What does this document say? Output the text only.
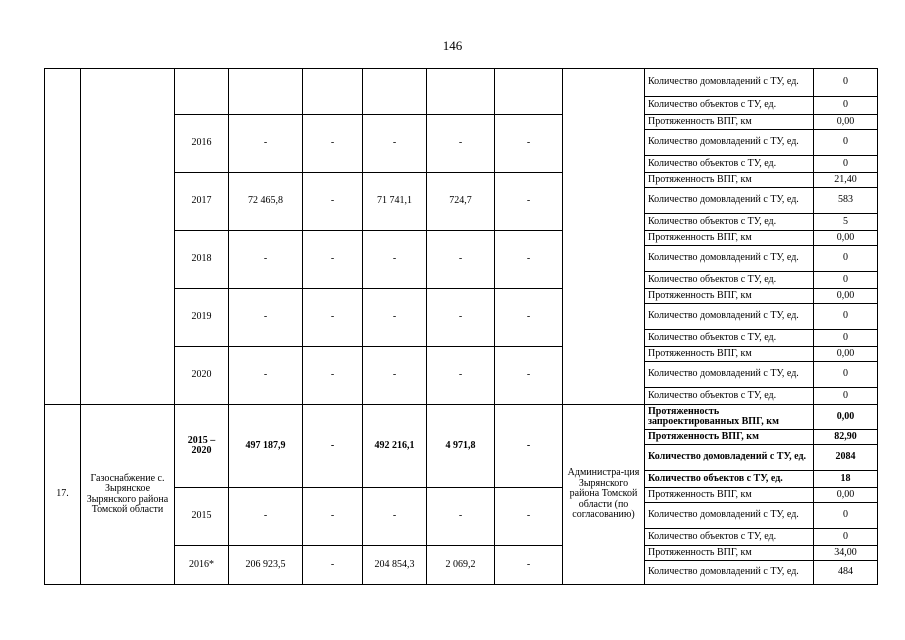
146
									Количество домовладений с ТУ, ед.	0
									Количество объектов с ТУ, ед.	0
		2016	-	-	-	-	-		Протяженность ВПГ, км	0,00
									Количество домовладений с ТУ, ед.	0
									Количество объектов с ТУ, ед.	0
		2017	72 465,8	-	71 741,1	724,7	-		Протяженность ВПГ, км	21,40
									Количество домовладений с ТУ, ед.	583
									Количество объектов с ТУ, ед.	5
		2018	-	-	-	-	-		Протяженность ВПГ, км	0,00
									Количество домовладений с ТУ, ед.	0
									Количество объектов с ТУ, ед.	0
		2019	-	-	-	-	-		Протяженность ВПГ, км	0,00
									Количество домовладений с ТУ, ед.	0
									Количество объектов с ТУ, ед.	0
		2020	-	-	-	-	-		Протяженность ВПГ, км	0,00
									Количество домовладений с ТУ, ед.	0
									Количество объектов с ТУ, ед.	0
17.	Газоснабжение с. Зырянское Зырянского района Томской области	2015 – 2020	497 187,9	-	492 216,1	4 971,8	-	Администра-ция Зырянского района Томской области (по согласованию)	Протяженность запроектированных ВПГ, км	0,00
									Протяженность ВПГ, км	82,90
									Количество домовладений с ТУ, ед.	2084
									Количество объектов с ТУ, ед.	18
		2015	-	-	-	-	-		Протяженность ВПГ, км	0,00
									Количество домовладений с ТУ, ед.	0
									Количество объектов с ТУ, ед.	0
		2016*	206 923,5	-	204 854,3	2 069,2	-		Протяженность ВПГ, км	34,00
									Количество домовладений с ТУ, ед.	484
